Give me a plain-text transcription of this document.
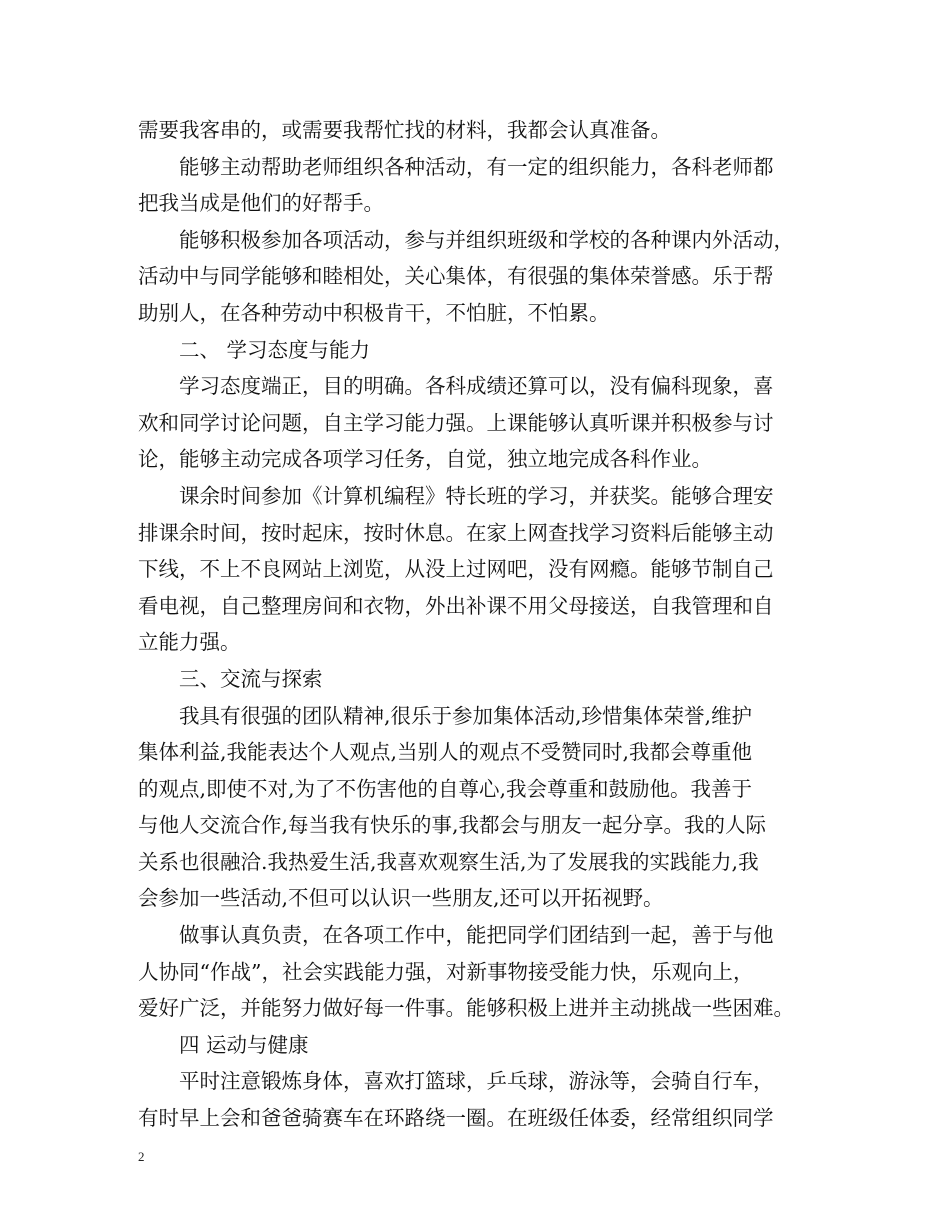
需要我客串的，或需要我帮忙找的材料，我都会认真准备。
能够主动帮助老师组织各种活动，有一定的组织能力，各科老师都
把我当成是他们的好帮手。
能够积极参加各项活动，参与并组织班级和学校的各种课内外活动，
活动中与同学能够和睦相处，关心集体，有很强的集体荣誉感。乐于帮
助别人，在各种劳动中积极肯干，不怕脏，不怕累。
二、 学习态度与能力
学习态度端正，目的明确。各科成绩还算可以，没有偏科现象，喜
欢和同学讨论问题，自主学习能力强。上课能够认真听课并积极参与讨
论，能够主动完成各项学习任务，自觉，独立地完成各科作业。
课余时间参加《计算机编程》特长班的学习，并获奖。能够合理安
排课余时间，按时起床，按时休息。在家上网查找学习资料后能够主动
下线，不上不良网站上浏览，从没上过网吧，没有网瘾。能够节制自己
看电视，自己整理房间和衣物，外出补课不用父母接送，自我管理和自
立能力强。
三、交流与探索
我具有很强的团队精神,很乐于参加集体活动,珍惜集体荣誉,维护
集体利益,我能表达个人观点,当别人的观点不受赞同时,我都会尊重他
的观点,即使不对,为了不伤害他的自尊心,我会尊重和鼓励他。我善于
与他人交流合作,每当我有快乐的事,我都会与朋友一起分享。我的人际
关系也很融洽.我热爱生活,我喜欢观察生活,为了发展我的实践能力,我
会参加一些活动,不但可以认识一些朋友,还可以开拓视野。
做事认真负责，在各项工作中，能把同学们团结到一起，善于与他
人协同“作战”，社会实践能力强，对新事物接受能力快，乐观向上，
爱好广泛，并能努力做好每一件事。能够积极上进并主动挑战一些困难。
四 运动与健康
平时注意锻炼身体，喜欢打篮球，乒乓球，游泳等，会骑自行车，
有时早上会和爸爸骑赛车在环路绕一圈。在班级任体委，经常组织同学
2
